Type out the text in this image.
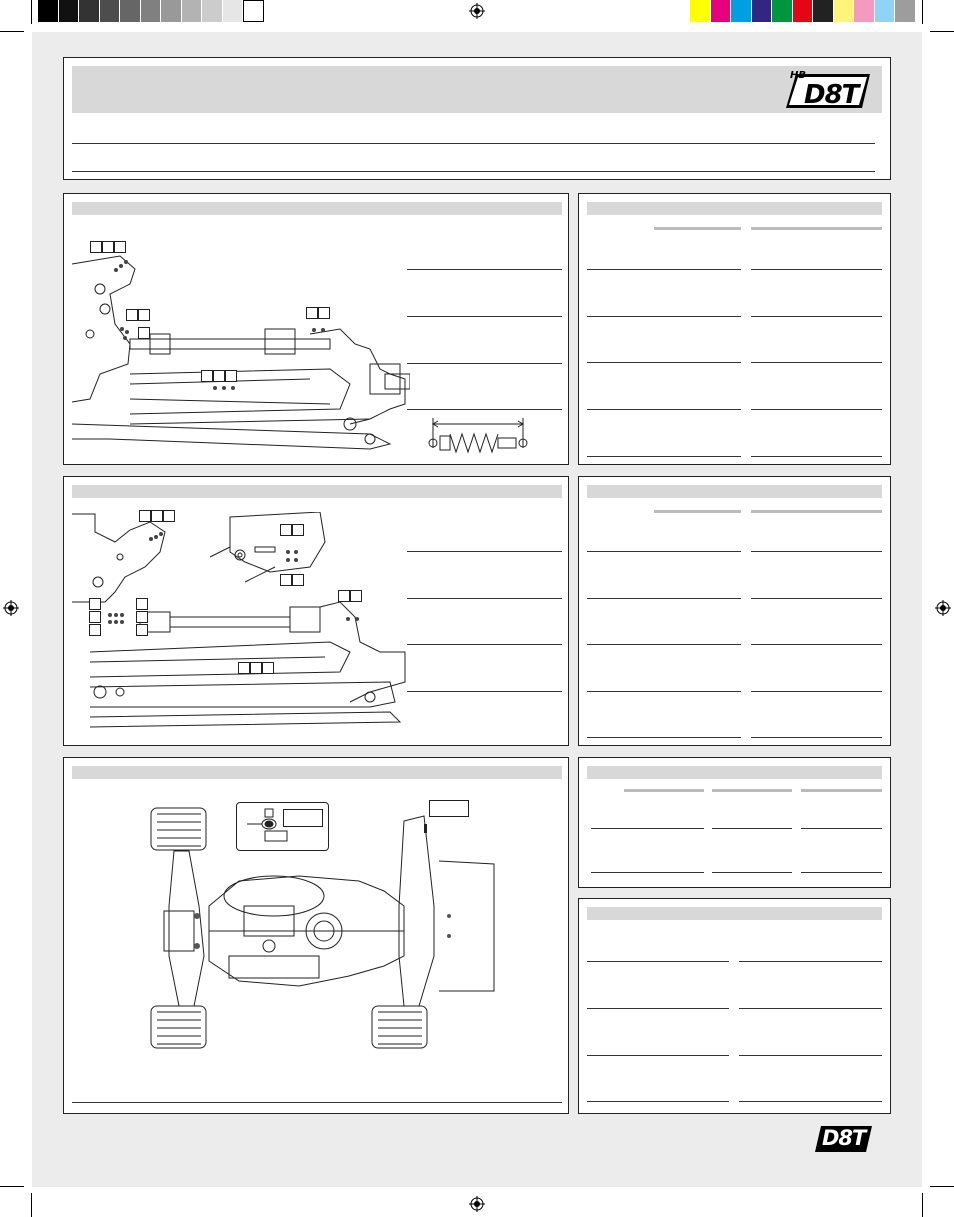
HB
D8T
D8T
